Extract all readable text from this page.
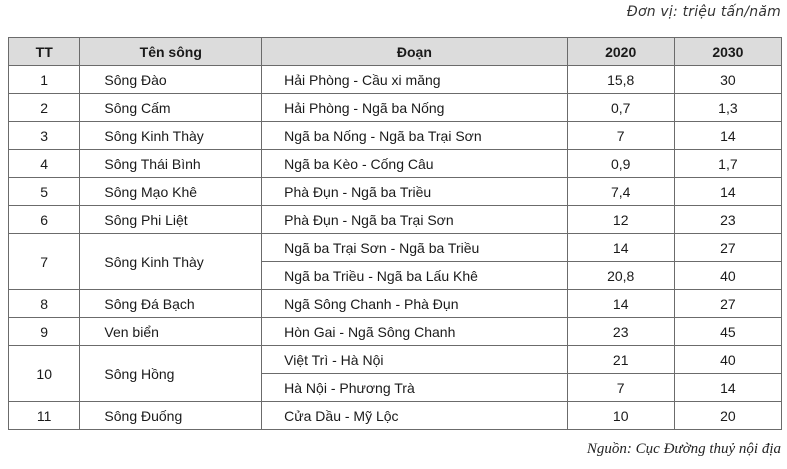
Đơn vị: triệu tấn/năm
TT	Tên sông	Đoạn	2020	2030
1	Sông Đào	Hải Phòng - Cầu xi măng	15,8	30
2	Sông Cấm	Hải Phòng - Ngã ba Nống	0,7	1,3
3	Sông Kinh Thày	Ngã ba Nống - Ngã ba Trại Sơn	7	14
4	Sông Thái Bình	Ngã ba Kèo - Cống Câu	0,9	1,7
5	Sông Mạo Khê	Phà Đụn - Ngã ba Triều	7,4	14
6	Sông Phi Liệt	Phà Đụn - Ngã ba Trại Sơn	12	23
7	Sông Kinh Thày	Ngã ba Trại Sơn - Ngã ba Triều	14	27
		Ngã ba Triều - Ngã ba Lấu Khê	20,8	40
8	Sông Đá Bạch	Ngã Sông Chanh - Phà Đụn	14	27
9	Ven biển	Hòn Gai - Ngã Sông Chanh	23	45
10	Sông Hồng	Việt Trì - Hà Nội	21	40
		Hà Nội - Phương Trà	7	14
11	Sông Đuống	Cửa Dầu - Mỹ Lộc	10	20
Nguồn: Cục Đường thuỷ nội địa
